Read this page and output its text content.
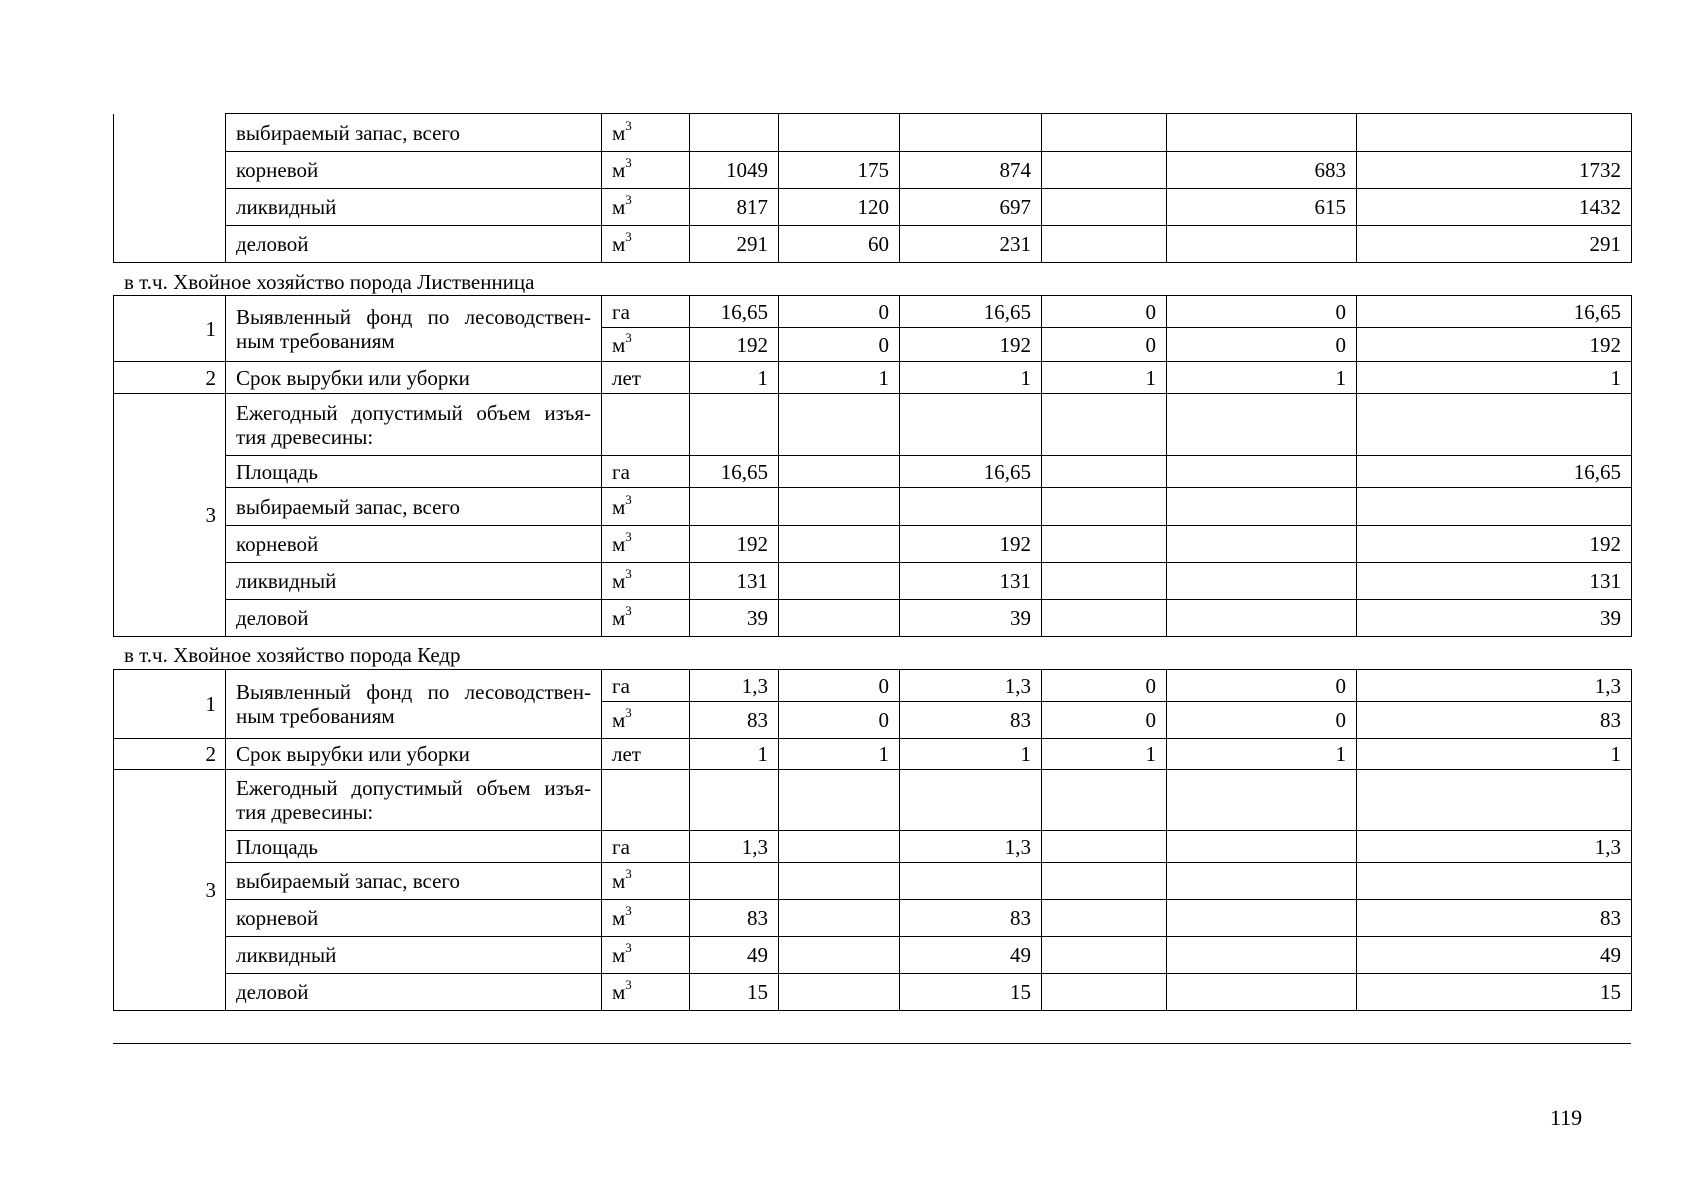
	выбираемый запас, всего	$м^3$						
	корневой	$м^3$	1049	175	874		683	1732
	ликвидный	$м^3$	817	120	697		615	1432
	деловой	$м^3$	291	60	231			291
в т.ч. Хвойное хозяйство порода Лиственница
1	Выявленный фонд по лесоводствен-ным требованиям	га	16,65	0	16,65	0	0	16,65
		$м^3$	192	0	192	0	0	192
2	Срок вырубки или уборки	лет	1	1	1	1	1	1
3	Ежегодный допустимый объем изъя-тия древесины:							
	Площадь	га	16,65		16,65			16,65
	выбираемый запас, всего	$м^3$						
	корневой	$м^3$	192		192			192
	ликвидный	$м^3$	131		131			131
	деловой	$м^3$	39		39			39
в т.ч. Хвойное хозяйство порода Кедр
1	Выявленный фонд по лесоводствен-ным требованиям	га	1,3	0	1,3	0	0	1,3
		$м^3$	83	0	83	0	0	83
2	Срок вырубки или уборки	лет	1	1	1	1	1	1
3	Ежегодный допустимый объем изъя-тия древесины:							
	Площадь	га	1,3		1,3			1,3
	выбираемый запас, всего	$м^3$						
	корневой	$м^3$	83		83			83
	ликвидный	$м^3$	49		49			49
	деловой	$м^3$	15		15			15
119
